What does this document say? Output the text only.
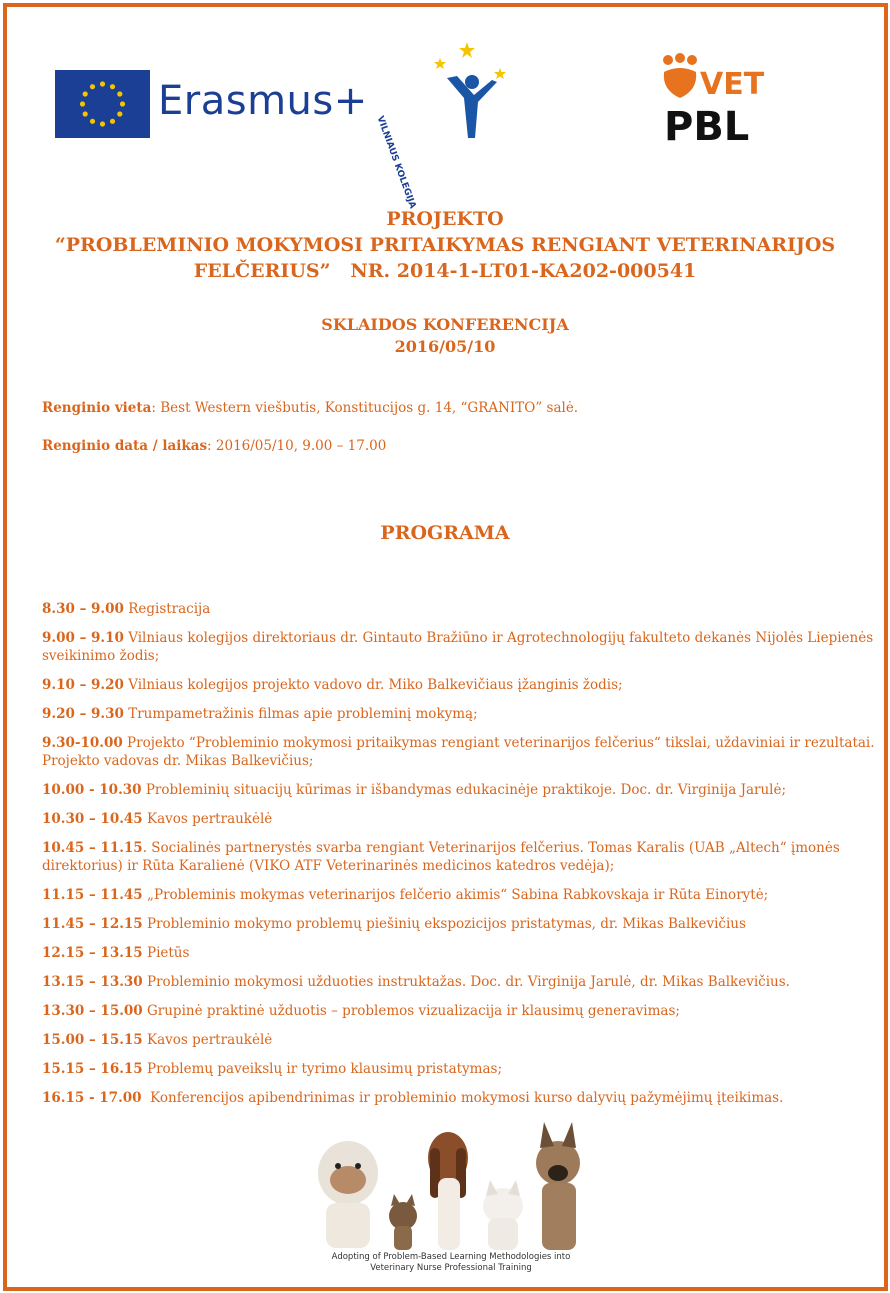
Erasmus+
VILNIAUS KOLEGIJA
VET
PBL
PROJEKTO
“PROBLEMINIO MOKYMOSI PRITAIKYMAS RENGIANT VETERINARIJOS
FELČERIUS”   NR. 2014-1-LT01-KA202-000541
SKLAIDOS KONFERENCIJA
2016/05/10
Renginio vieta: Best Western viešbutis, Konstitucijos g. 14, “GRANITO” salė.
Renginio data / laikas: 2016/05/10, 9.00 – 17.00
PROGRAMA
8.30 – 9.00 Registracija
9.00 – 9.10 Vilniaus kolegijos direktoriaus dr. Gintauto Bražiūno ir Agrotechnologijų fakulteto dekanės Nijolės Liepienės sveikinimo žodis;
9.10 – 9.20 Vilniaus kolegijos projekto vadovo dr. Miko Balkevičiaus įžanginis žodis;
9.20 – 9.30 Trumpametražinis filmas apie probleminį mokymą;
9.30-10.00 Projekto “Probleminio mokymosi pritaikymas rengiant veterinarijos felčerius“ tikslai, uždaviniai ir rezultatai. Projekto vadovas dr. Mikas Balkevičius;
10.00 - 10.30 Probleminių situacijų kūrimas ir išbandymas edukacinėje praktikoje. Doc. dr. Virginija Jarulė;
10.30 – 10.45 Kavos pertraukėlė
10.45 – 11.15. Socialinės partnerystės svarba rengiant Veterinarijos felčerius. Tomas Karalis (UAB „Altech“ įmonės direktorius) ir Rūta Karalienė (VIKO ATF Veterinarinės medicinos katedros vedėja);
11.15 – 11.45 „Probleminis mokymas veterinarijos felčerio akimis“ Sabina Rabkovskaja ir Rūta Einorytė;
11.45 – 12.15 Probleminio mokymo problemų piešinių ekspozicijos pristatymas, dr. Mikas Balkevičius
12.15 – 13.15 Pietūs
13.15 – 13.30 Probleminio mokymosi užduoties instruktažas. Doc. dr. Virginija Jarulė, dr. Mikas Balkevičius.
13.30 – 15.00 Grupinė praktinė užduotis – problemos vizualizacija ir klausimų generavimas;
15.00 – 15.15 Kavos pertraukėlė
15.15 – 16.15 Problemų paveikslų ir tyrimo klausimų pristatymas;
16.15 - 17.00  Konferencijos apibendrinimas ir probleminio mokymosi kurso dalyvių pažymėjimų įteikimas.
Adopting of Problem-Based Learning Methodologies into
Veterinary Nurse Professional Training
